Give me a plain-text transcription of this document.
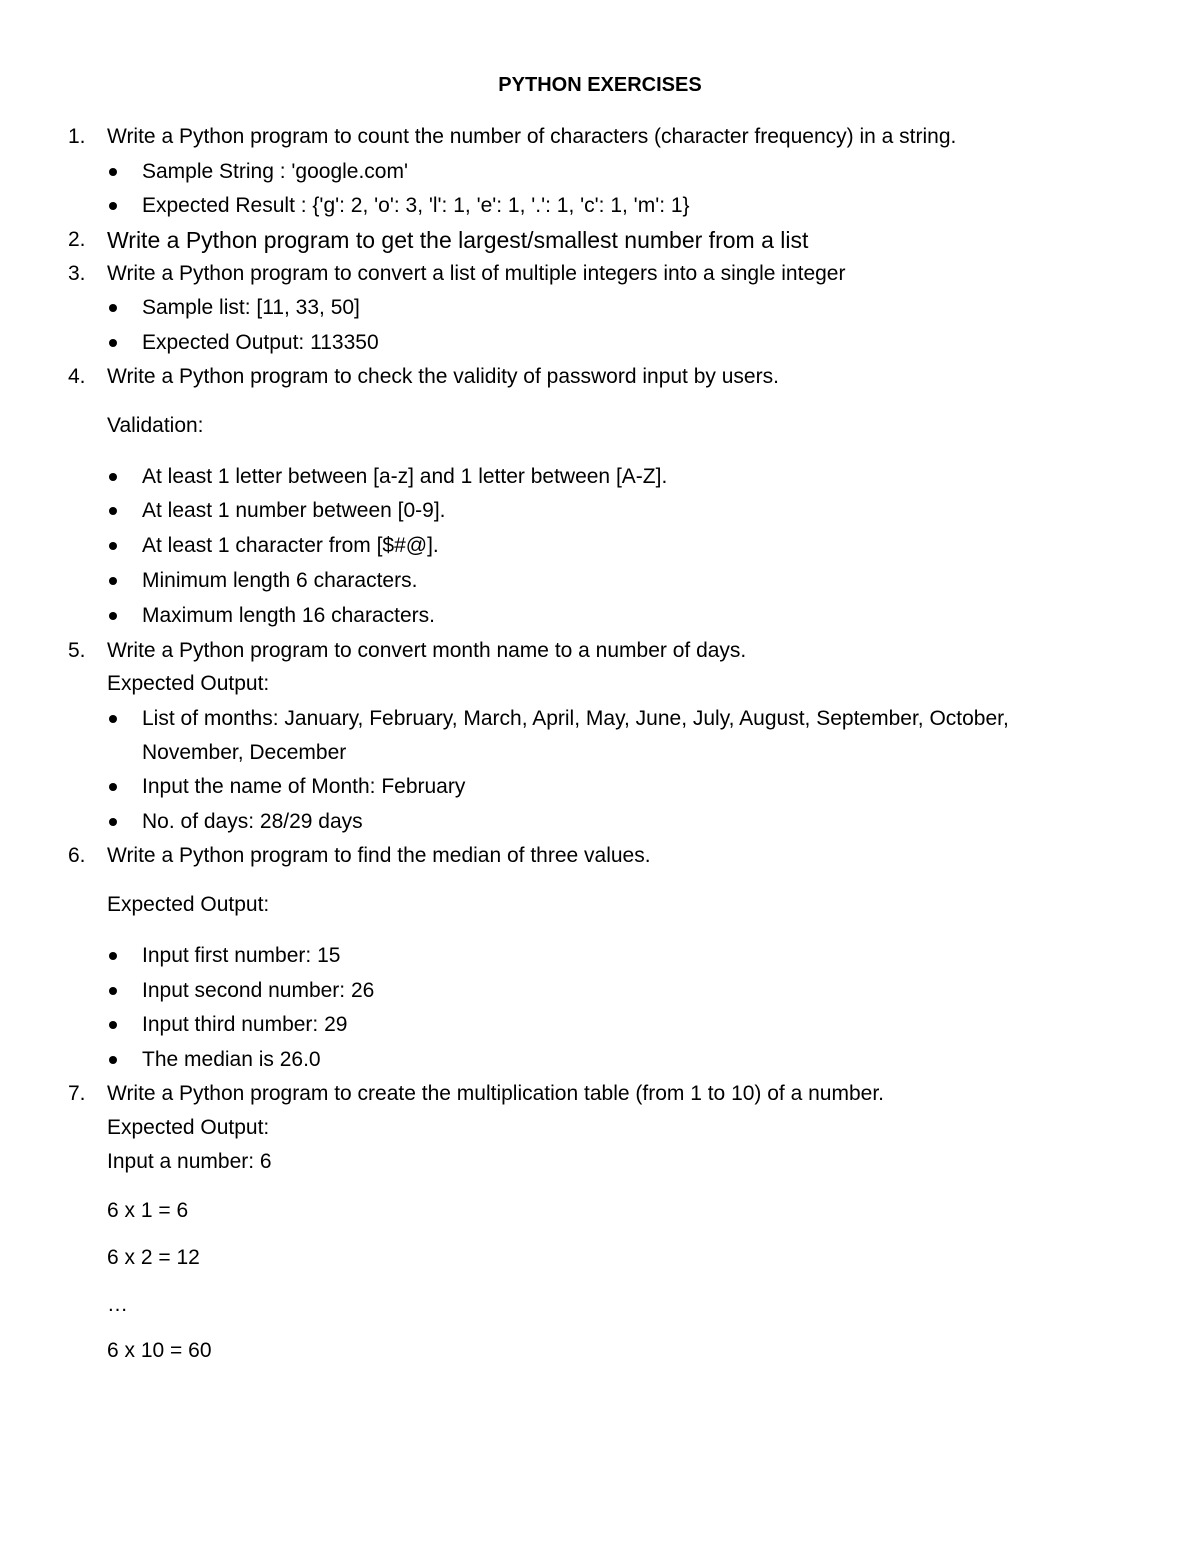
PYTHON EXERCISES
1.	Write a Python program to count the number of characters (character frequency) in a string.
Sample String : 'google.com'
Expected Result : {'g': 2, 'o': 3, 'l': 1, 'e': 1, '.': 1, 'c': 1, 'm': 1}
2. Write a Python program to get the largest/smallest number from a list
3.	Write a Python program to convert a list of multiple integers into a single integer
Sample list: [11, 33, 50]
Expected Output: 113350
4.	Write a Python program to check the validity of password input by users.
Validation:
At least 1 letter between [a-z] and 1 letter between [A-Z].
At least 1 number between [0-9].
At least 1 character from [$#@].
Minimum length 6 characters.
Maximum length 16 characters.
5.	Write a Python program to convert month name to a number of days.
Expected Output:
List of months: January, February, March, April, May, June, July, August, September, October,
November, December
Input the name of Month: February
No. of days: 28/29 days
6.	Write a Python program to find the median of three values.
Expected Output:
Input first number: 15
Input second number: 26
Input third number: 29
The median is 26.0
7.	Write a Python program to create the multiplication table (from 1 to 10) of a number.
Expected Output:
Input a number: 6
6 x 1 = 6
6 x 2 = 12
…
6 x 10 = 60
